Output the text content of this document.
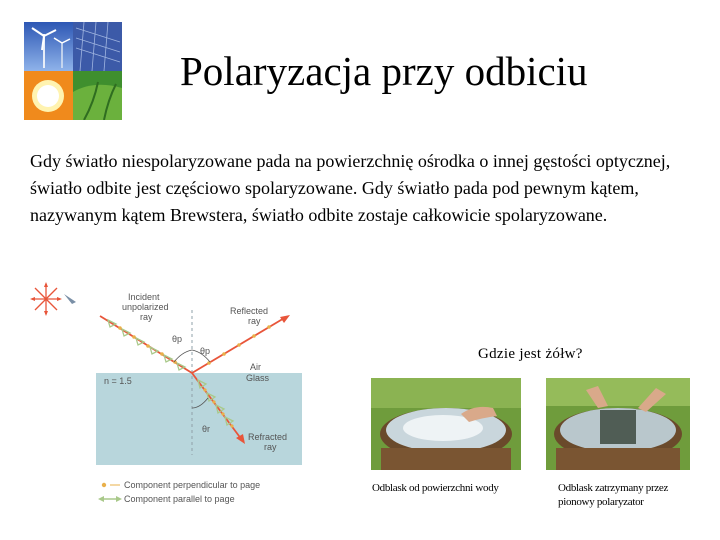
Polaryzacja przy odbiciu
Gdy światło niespolaryzowane pada na powierzchnię ośrodka o innej gęstości optycznej, światło odbite jest częściowo spolaryzowane. Gdy światło pada pod pewnym kątem, nazywanym kątem Brewstera, światło odbite zostaje całkowicie spolaryzowane.
Incident
unpolarized
ray
Reflected
ray
θp
θp
Air
Glass
n = 1.5
θr
Refracted
ray
Component perpendicular to page
Component parallel to page
Gdzie jest żółw?
Odblask od powierzchni wody	Odblask zatrzymany przez pionowy polaryzator
